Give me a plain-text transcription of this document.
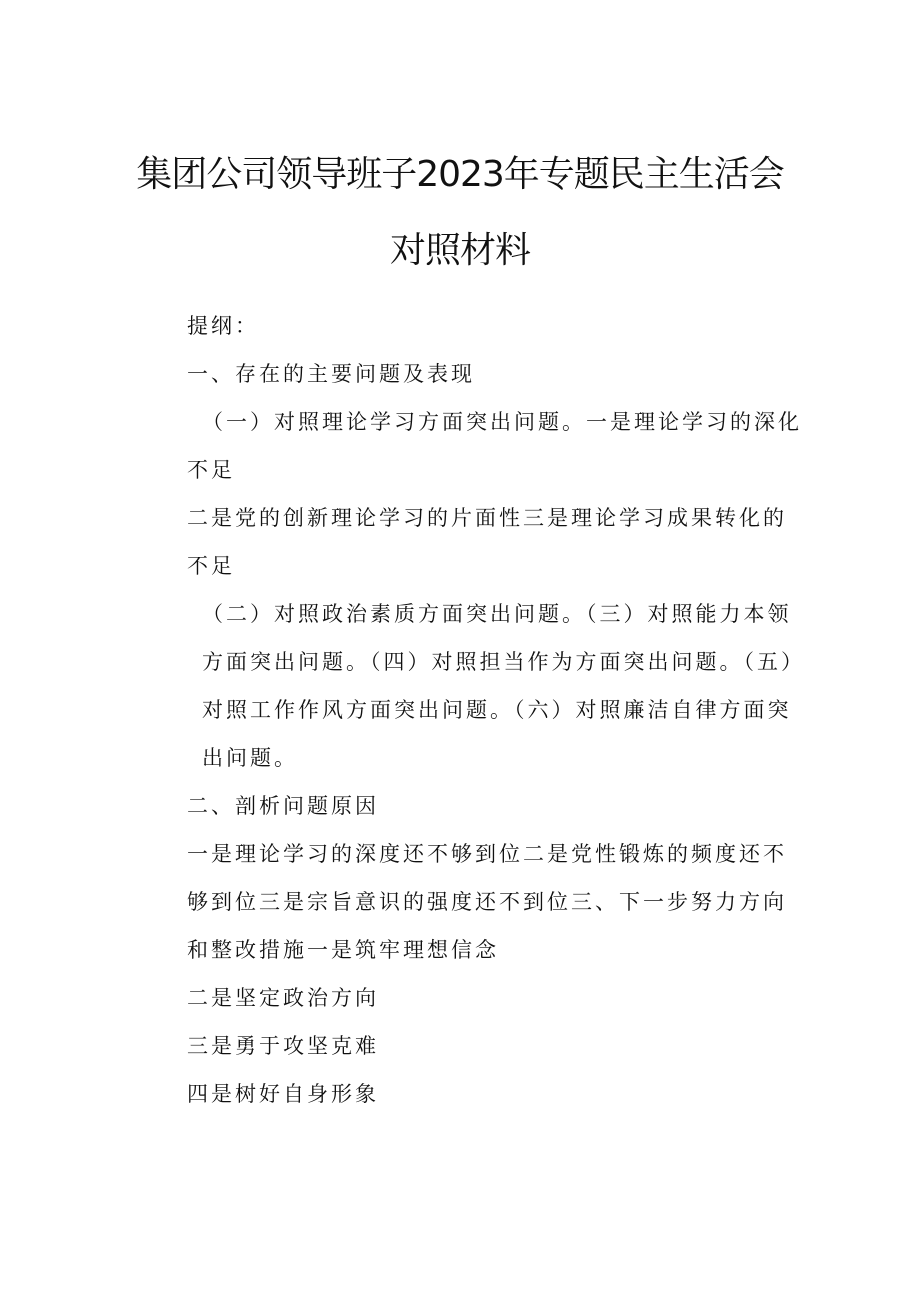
集团公司领导班子2023年专题民主生活会
对照材料

提纲：

一、存在的主要问题及表现

（一）对照理论学习方面突出问题。一是理论学习的深化

不足

二是党的创新理论学习的片面性三是理论学习成果转化的

不足

（二）对照政治素质方面突出问题。（三）对照能力本领

方面突出问题。（四）对照担当作为方面突出问题。（五）

对照工作作风方面突出问题。（六）对照廉洁自律方面突

出问题。

二、剖析问题原因

一是理论学习的深度还不够到位二是党性锻炼的频度还不

够到位三是宗旨意识的强度还不到位三、下一步努力方向

和整改措施一是筑牢理想信念

二是坚定政治方向

三是勇于攻坚克难

四是树好自身形象
